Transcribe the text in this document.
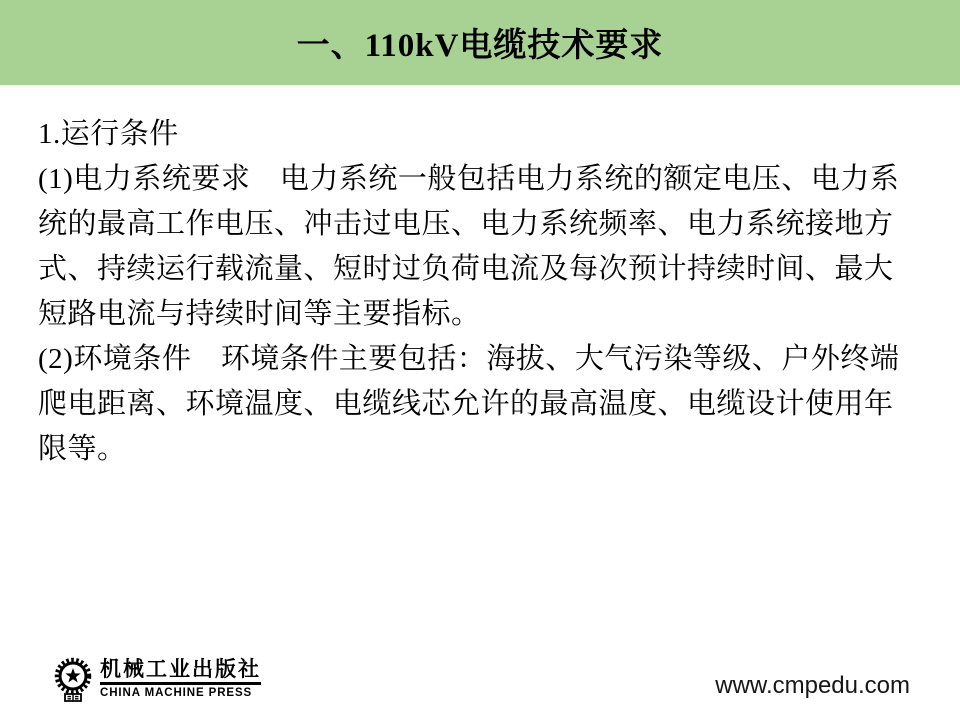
一、110kV电缆技术要求
1.运行条件
(1)电力系统要求　电力系统一般包括电力系统的额定电压、电力系
统的最高工作电压、冲击过电压、电力系统频率、电力系统接地方
式、持续运行载流量、短时过负荷电流及每次预计持续时间、最大
短路电流与持续时间等主要指标。
(2)环境条件　环境条件主要包括：海拔、大气污染等级、户外终端
爬电距离、环境温度、电缆线芯允许的最高温度、电缆设计使用年
限等。
机械工业出版社
CHINA MACHINE PRESS	www.cmpedu.com
